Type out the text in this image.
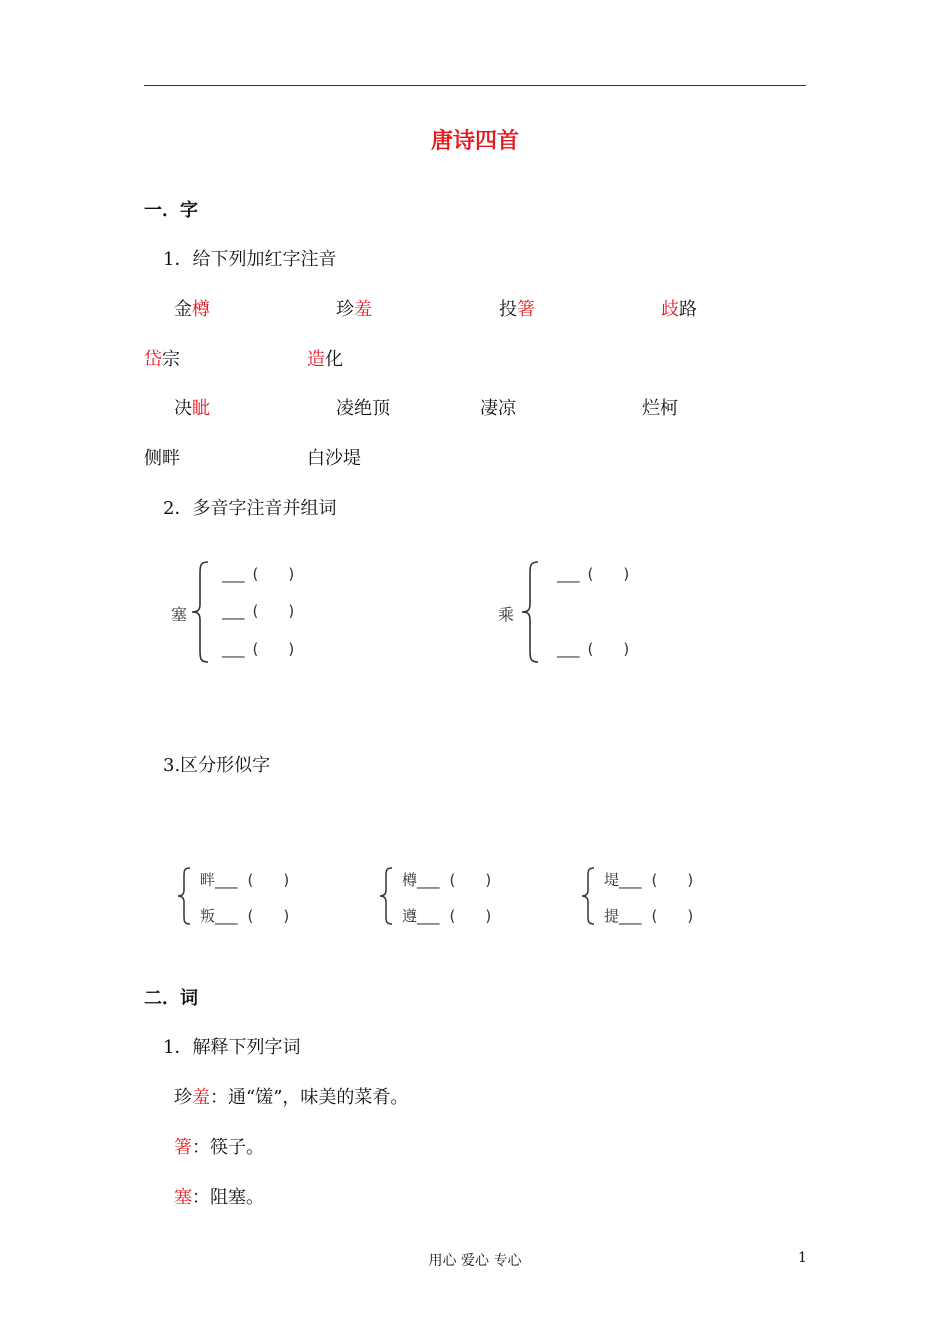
唐诗四首
一．字
1．给下列加红字注音
金樽	珍羞	投箸	歧路
岱宗	造化
决眦	凌绝顶	凄凉	烂柯
侧畔	白沙堤
2．多音字注音并组词
塞
___ ( )
___ ( )
___ ( )
乘
___ ( )
___ ( )
3.区分形似字
畔___ ( )
叛___ ( )
樽___ ( )
遵___ ( )
堤___ ( )
提___ ( )
二．词
1．解释下列字词
珍羞：通“馐”，味美的菜肴。
箸：筷子。
塞：阻塞。
用心 爱心 专心	1
